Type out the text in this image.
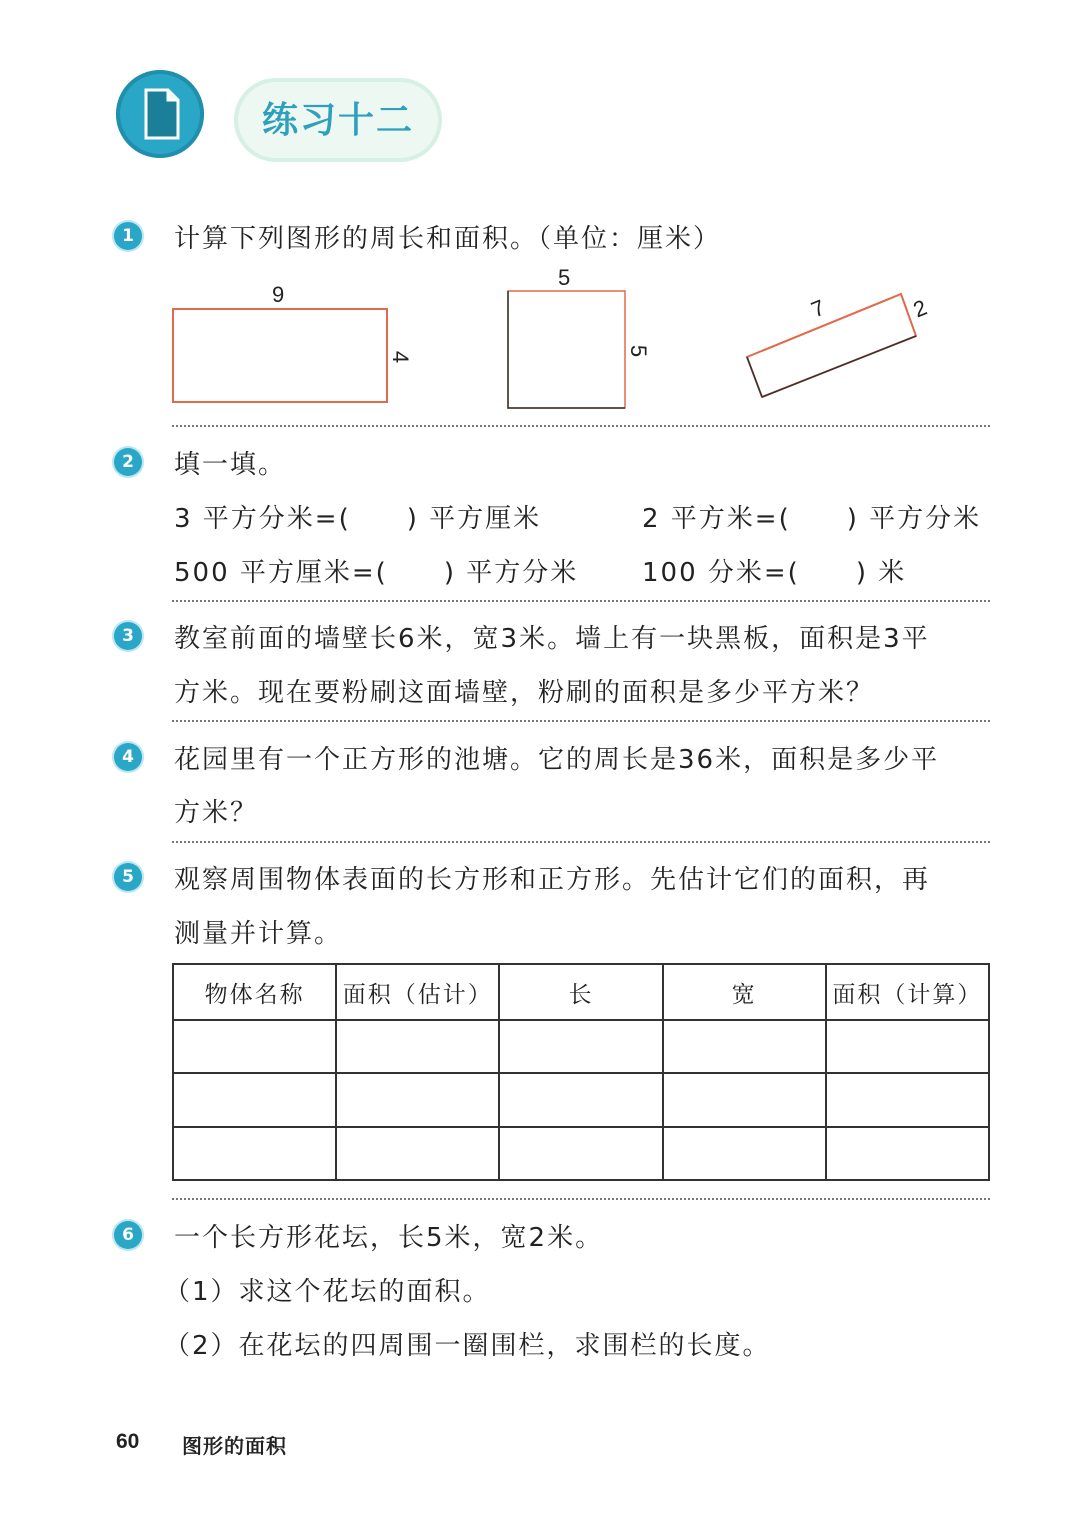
练习十二
1	计算下列图形的周长和面积。（单位：厘米）
9
4
5
5
7	2
2	填一填。
3 平方分米=(　　) 平方厘米	2 平方米=(　　) 平方分米
500 平方厘米=(　　) 平方分米 100 分米=(　　) 米
3	教室前面的墙壁长6米，宽3米。墙上有一块黑板，面积是3平
方米。现在要粉刷这面墙壁，粉刷的面积是多少平方米？
4	花园里有一个正方形的池塘。它的周长是36米，面积是多少平
方米？
5	观察周围物体表面的长方形和正方形。先估计它们的面积，再
测量并计算。
物体名称	面积（估计）	长	宽	面积（计算）

6	一个长方形花坛，长5米，宽2米。
（1）求这个花坛的面积。
（2）在花坛的四周围一圈围栏，求围栏的长度。
60 图形的面积
